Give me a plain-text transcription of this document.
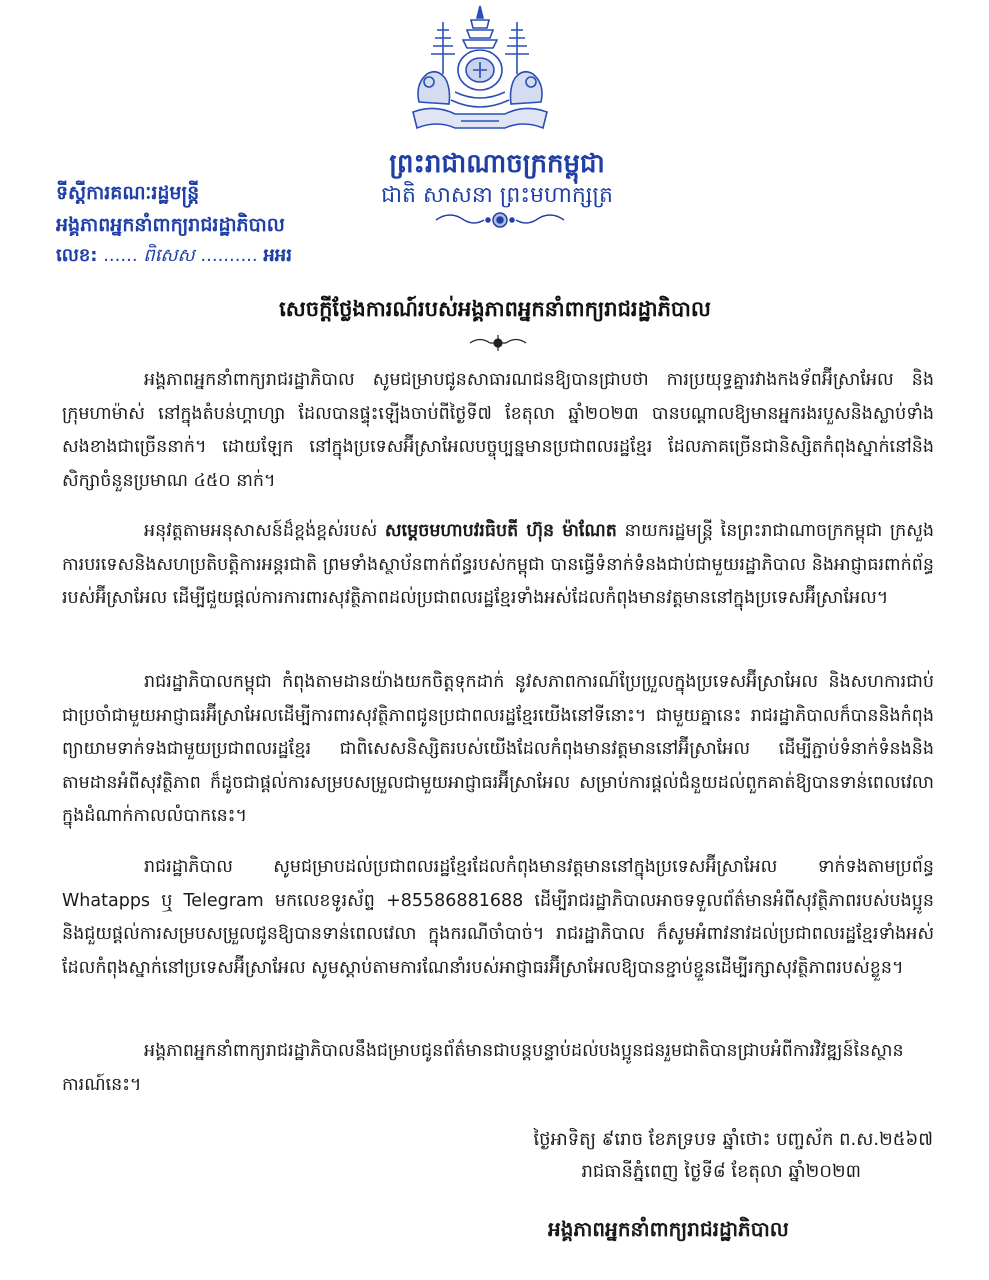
ព្រះរាជាណាចក្រកម្ពុជា
ជាតិ សាសនា ព្រះមហាក្សត្រ
ទីស្ដីការគណៈរដ្ឋមន្ត្រី
អង្គភាពអ្នកនាំពាក្យរាជរដ្ឋាភិបាល
លេខ: ...... ពិសេស .......... អអរ
សេចក្ដីថ្លែងការណ៍របស់អង្គភាពអ្នកនាំពាក្យរាជរដ្ឋាភិបាល
អង្គភាពអ្នកនាំពាក្យរាជរដ្ឋាភិបាល សូមជម្រាបជូនសាធារណជនឱ្យបានជ្រាបថា ការប្រយុទ្ធគ្នារវាងកងទ័ពអ៊ីស្រាអែល និងក្រុមហាម៉ាស់ នៅក្នុងតំបន់ហ្គាហ្សា ដែលបានផ្ទុះឡើងចាប់ពីថ្ងៃទី៧ ខែតុលា ឆ្នាំ២០២៣ បានបណ្ដាលឱ្យមានអ្នករងរបួសនិងស្លាប់ទាំងសងខាងជាច្រើននាក់។ ដោយឡែក នៅក្នុងប្រទេសអ៊ីស្រាអែលបច្ចុប្បន្នមានប្រជាពលរដ្ឋខ្មែរ ដែលភាគច្រើនជានិស្សិតកំពុងស្នាក់នៅនិងសិក្សាចំនួនប្រមាណ ៤៥០ នាក់។
អនុវត្តតាមអនុសាសន៍ដ៏ខ្ពង់ខ្ពស់របស់ សម្ដេចមហាបវរធិបតី ហ៊ុន ម៉ាណែត នាយករដ្ឋមន្ត្រី នៃព្រះរាជាណាចក្រកម្ពុជា ក្រសួងការបរទេសនិងសហប្រតិបត្តិការអន្តរជាតិ ព្រមទាំងស្ថាប័នពាក់ព័ន្ធរបស់កម្ពុជា បានធ្វើទំនាក់ទំនងជាប់ជាមួយរដ្ឋាភិបាល និងអាជ្ញាធរពាក់ព័ន្ធរបស់អ៊ីស្រាអែល ដើម្បីជួយផ្ដល់ការការពារសុវត្ថិភាពដល់ប្រជាពលរដ្ឋខ្មែរទាំងអស់ដែលកំពុងមានវត្តមាននៅក្នុងប្រទេសអ៊ីស្រាអែល។
រាជរដ្ឋាភិបាលកម្ពុជា កំពុងតាមដានយ៉ាងយកចិត្តទុកដាក់ នូវសភាពការណ៍ប្រែប្រួលក្នុងប្រទេសអ៊ីស្រាអែល និងសហការជាប់ជាប្រចាំជាមួយអាជ្ញាធរអ៊ីស្រាអែលដើម្បីការពារសុវត្ថិភាពជូនប្រជាពលរដ្ឋខ្មែរយើងនៅទីនោះ។ ជាមួយគ្នានេះ រាជរដ្ឋាភិបាលក៏បាននិងកំពុងព្យាយាមទាក់ទងជាមួយប្រជាពលរដ្ឋខ្មែរ ជាពិសេសនិស្សិតរបស់យើងដែលកំពុងមានវត្តមាននៅអ៊ីស្រាអែល ដើម្បីភ្ជាប់ទំនាក់ទំនងនិងតាមដានអំពីសុវត្ថិភាព ក៏ដូចជាផ្ដល់ការសម្របសម្រួលជាមួយអាជ្ញាធរអ៊ីស្រាអែល សម្រាប់ការផ្ដល់ជំនួយដល់ពួកគាត់ឱ្យបានទាន់ពេលវេលា ក្នុងដំណាក់កាលលំបាកនេះ។
រាជរដ្ឋាភិបាល សូមជម្រាបដល់ប្រជាពលរដ្ឋខ្មែរដែលកំពុងមានវត្តមាននៅក្នុងប្រទេសអ៊ីស្រាអែល ទាក់ទងតាមប្រព័ន្ធ Whatapps ឬ Telegram មកលេខទូរស័ព្ទ +85586881688 ដើម្បីរាជរដ្ឋាភិបាលអាចទទួលព័ត៌មានអំពីសុវត្ថិភាពរបស់បងប្អូន និងជួយផ្ដល់ការសម្របសម្រួលជូនឱ្យបានទាន់ពេលវេលា ក្នុងករណីចាំបាច់។ រាជរដ្ឋាភិបាល ក៏សូមអំពាវនាវដល់ប្រជាពលរដ្ឋខ្មែរទាំងអស់ដែលកំពុងស្នាក់នៅប្រទេសអ៊ីស្រាអែល សូមស្ដាប់តាមការណែនាំរបស់អាជ្ញាធរអ៊ីស្រាអែលឱ្យបានខ្ជាប់ខ្ជួនដើម្បីរក្សាសុវត្ថិភាពរបស់ខ្លួន។
អង្គភាពអ្នកនាំពាក្យរាជរដ្ឋាភិបាលនឹងជម្រាបជូនព័ត៌មានជាបន្តបន្ទាប់ដល់បងប្អូនជនរួមជាតិបានជ្រាបអំពីការវិវឌ្ឍន៍នៃស្ថានការណ៍នេះ។
ថ្ងៃអាទិត្យ ៩រោច ខែភទ្របទ ឆ្នាំថោះ បញ្ចស័ក ព.ស.២៥៦៧
រាជធានីភ្នំពេញ ថ្ងៃទី៨ ខែតុលា ឆ្នាំ២០២៣
អង្គភាពអ្នកនាំពាក្យរាជរដ្ឋាភិបាល
